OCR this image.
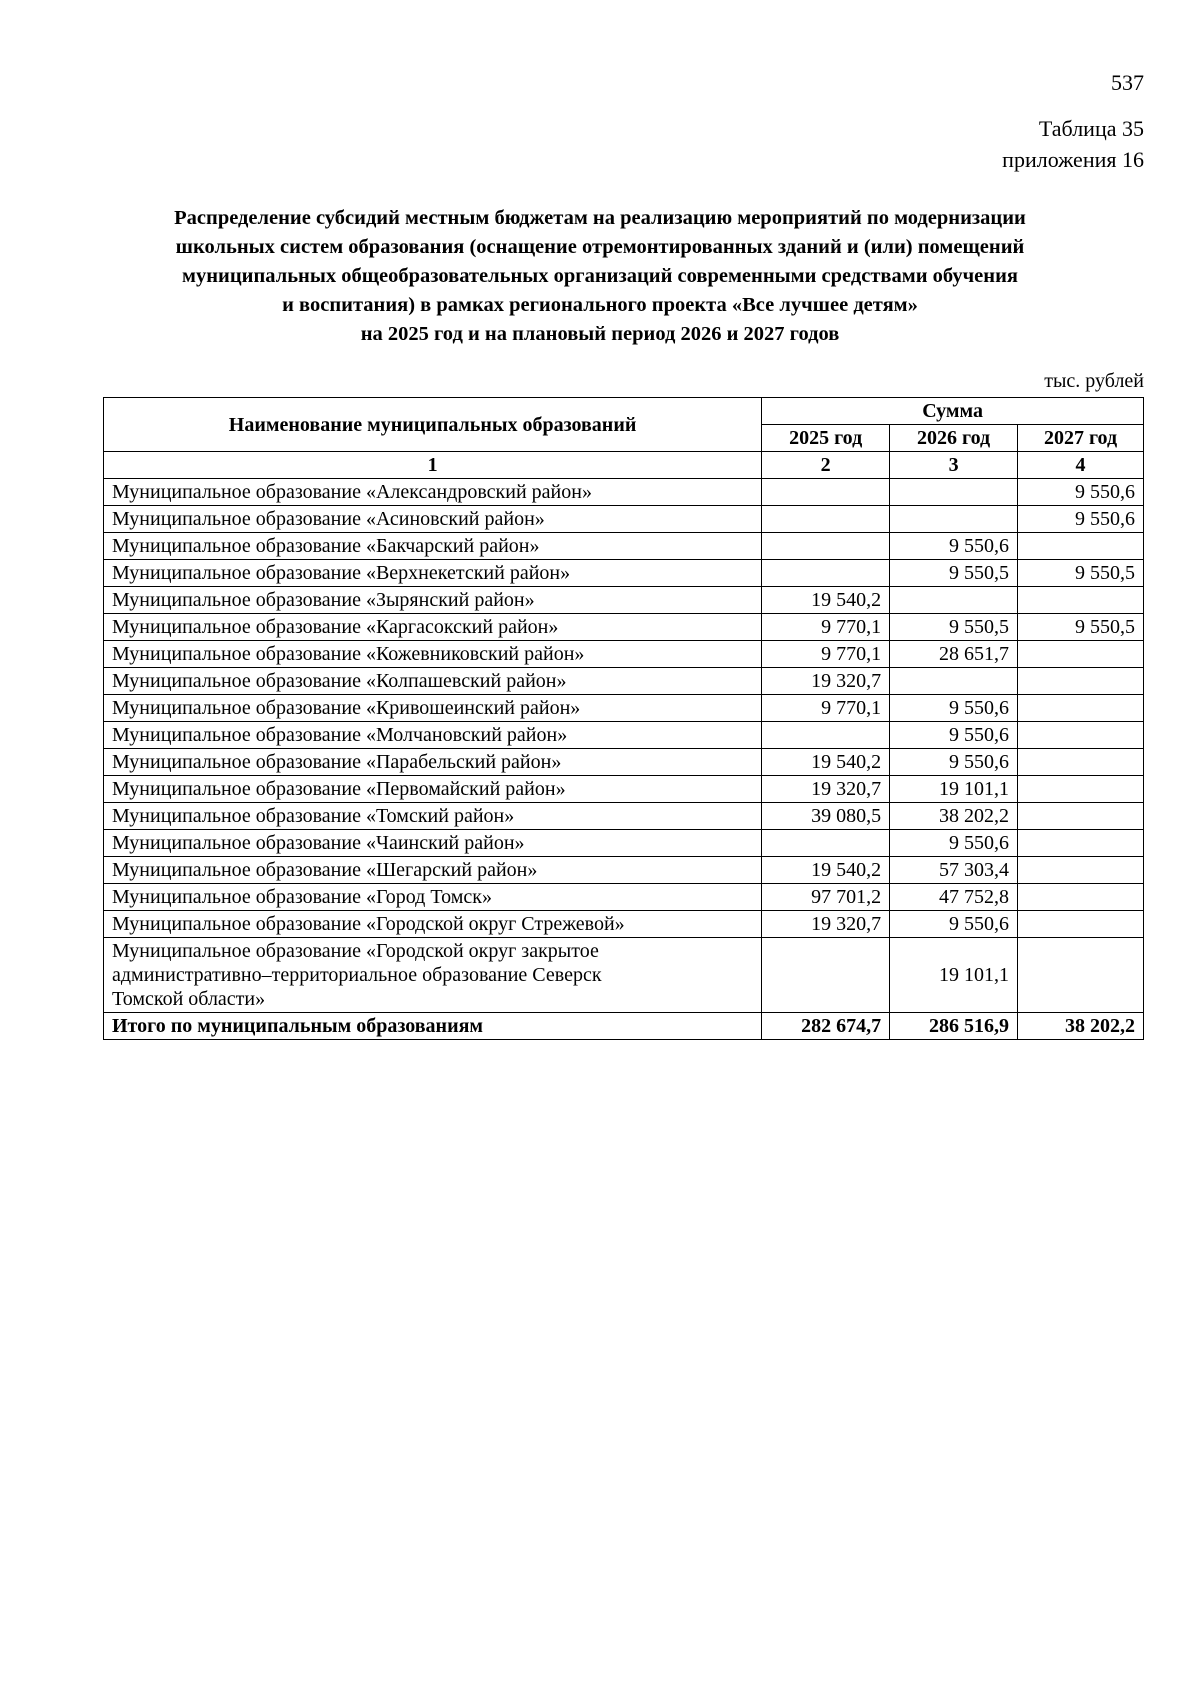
537
Таблица 35
приложения 16
Распределение субсидий местным бюджетам на реализацию мероприятий по модернизации
школьных систем образования (оснащение отремонтированных зданий и (или) помещений
муниципальных общеобразовательных организаций современными средствами обучения
и воспитания) в рамках регионального проекта «Все лучшее детям»
на 2025 год и на плановый период 2026 и 2027 годов
тыс. рублей
Наименование муниципальных образований	Сумма		
	2025 год	2026 год	2027 год
1	2	3	4
Муниципальное образование «Александровский район»			9 550,6
Муниципальное образование «Асиновский район»			9 550,6
Муниципальное образование «Бакчарский район»		9 550,6	
Муниципальное образование «Верхнекетский район»		9 550,5	9 550,5
Муниципальное образование «Зырянский район»	19 540,2		
Муниципальное образование «Каргасокский район»	9 770,1	9 550,5	9 550,5
Муниципальное образование «Кожевниковский район»	9 770,1	28 651,7	
Муниципальное образование «Колпашевский район»	19 320,7		
Муниципальное образование «Кривошеинский район»	9 770,1	9 550,6	
Муниципальное образование «Молчановский район»		9 550,6	
Муниципальное образование «Парабельский район»	19 540,2	9 550,6	
Муниципальное образование «Первомайский район»	19 320,7	19 101,1	
Муниципальное образование «Томский район»	39 080,5	38 202,2	
Муниципальное образование «Чаинский район»		9 550,6	
Муниципальное образование «Шегарский район»	19 540,2	57 303,4	
Муниципальное образование «Город Томск»	97 701,2	47 752,8	
Муниципальное образование «Городской округ Стрежевой»	19 320,7	9 550,6	

Муниципальное образование «Городской округ закрытое
административно–территориальное образование Северск
Томской области»		19 101,1	
Итого по муниципальным образованиям	282 674,7	286 516,9	38 202,2
